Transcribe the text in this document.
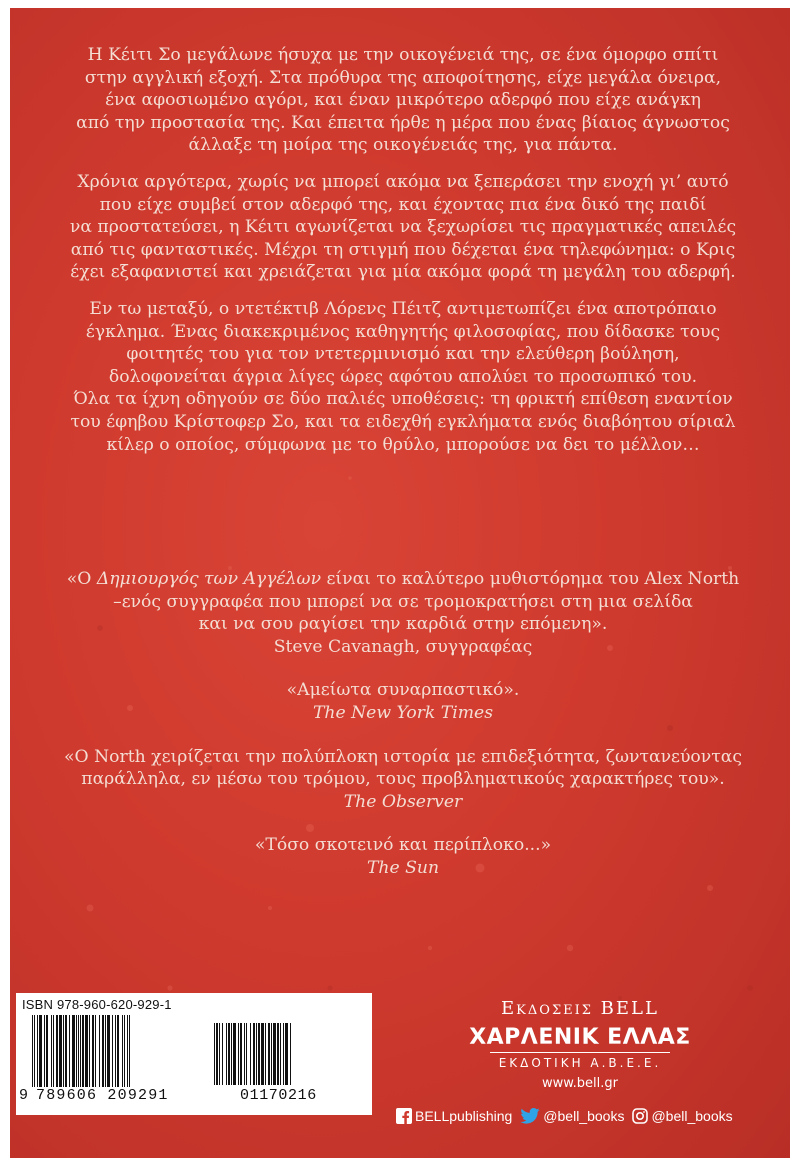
Η Κέιτι Σο μεγάλωνε ήσυχα με την οικογένειά της, σε ένα όμορφο σπίτι
στην αγγλική εξοχή. Στα πρόθυρα της αποφοίτησης, είχε μεγάλα όνειρα,
ένα αφοσιωμένο αγόρι, και έναν μικρότερο αδερφό που είχε ανάγκη
από την προστασία της. Και έπειτα ήρθε η μέρα που ένας βίαιος άγνωστος
άλλαξε τη μοίρα της οικογένειάς της, για πάντα.

Χρόνια αργότερα, χωρίς να μπορεί ακόμα να ξεπεράσει την ενοχή γι’ αυτό
που είχε συμβεί στον αδερφό της, και έχοντας πια ένα δικό της παιδί
να προστατεύσει, η Κέιτι αγωνίζεται να ξεχωρίσει τις πραγματικές απειλές
από τις φανταστικές. Μέχρι τη στιγμή που δέχεται ένα τηλεφώνημα: ο Κρις
έχει εξαφανιστεί και χρειάζεται για μία ακόμα φορά τη μεγάλη του αδερφή.

Εν τω μεταξύ, ο ντετέκτιβ Λόρενς Πέιτζ αντιμετωπίζει ένα αποτρόπαιο
έγκλημα. Ένας διακεκριμένος καθηγητής φιλοσοφίας, που δίδασκε τους
φοιτητές του για τον ντετερμινισμό και την ελεύθερη βούληση,
δολοφονείται άγρια λίγες ώρες αφότου απολύει το προσωπικό του.
Όλα τα ίχνη οδηγούν σε δύο παλιές υποθέσεις: τη φρικτή επίθεση εναντίον
του έφηβου Κρίστοφερ Σο, και τα ειδεχθή εγκλήματα ενός διαβόητου σίριαλ
κίλερ ο οποίος, σύμφωνα με το θρύλο, μπορούσε να δει το μέλλον…

«Ο Δημιουργός των Αγγέλων είναι το καλύτερο μυθιστόρημα του Alex North
–ενός συγγραφέα που μπορεί να σε τρομοκρατήσει στη μια σελίδα
και να σου ραγίσει την καρδιά στην επόμενη».
Steve Cavanagh, συγγραφέας

«Αμείωτα συναρπαστικό».
The New York Times

«Ο North χειρίζεται την πολύπλοκη ιστορία με επιδεξιότητα, ζωντανεύοντας
παράλληλα, εν μέσω του τρόμου, τους προβληματικούς χαρακτήρες του».
The Observer

«Τόσο σκοτεινό και περίπλοκο...»
The Sun

Εκδοσεισ BELL
ΧΑΡΛΕΝΙΚ ΕΛΛΑΣ
ΕΚΔΟΤΙΚΗ Α.Β.Ε.Ε.
www.bell.gr
BELLpublishing @bell_books @bell_books
ISBN 978-960-620-929-1
9 789606 209291	01170216
